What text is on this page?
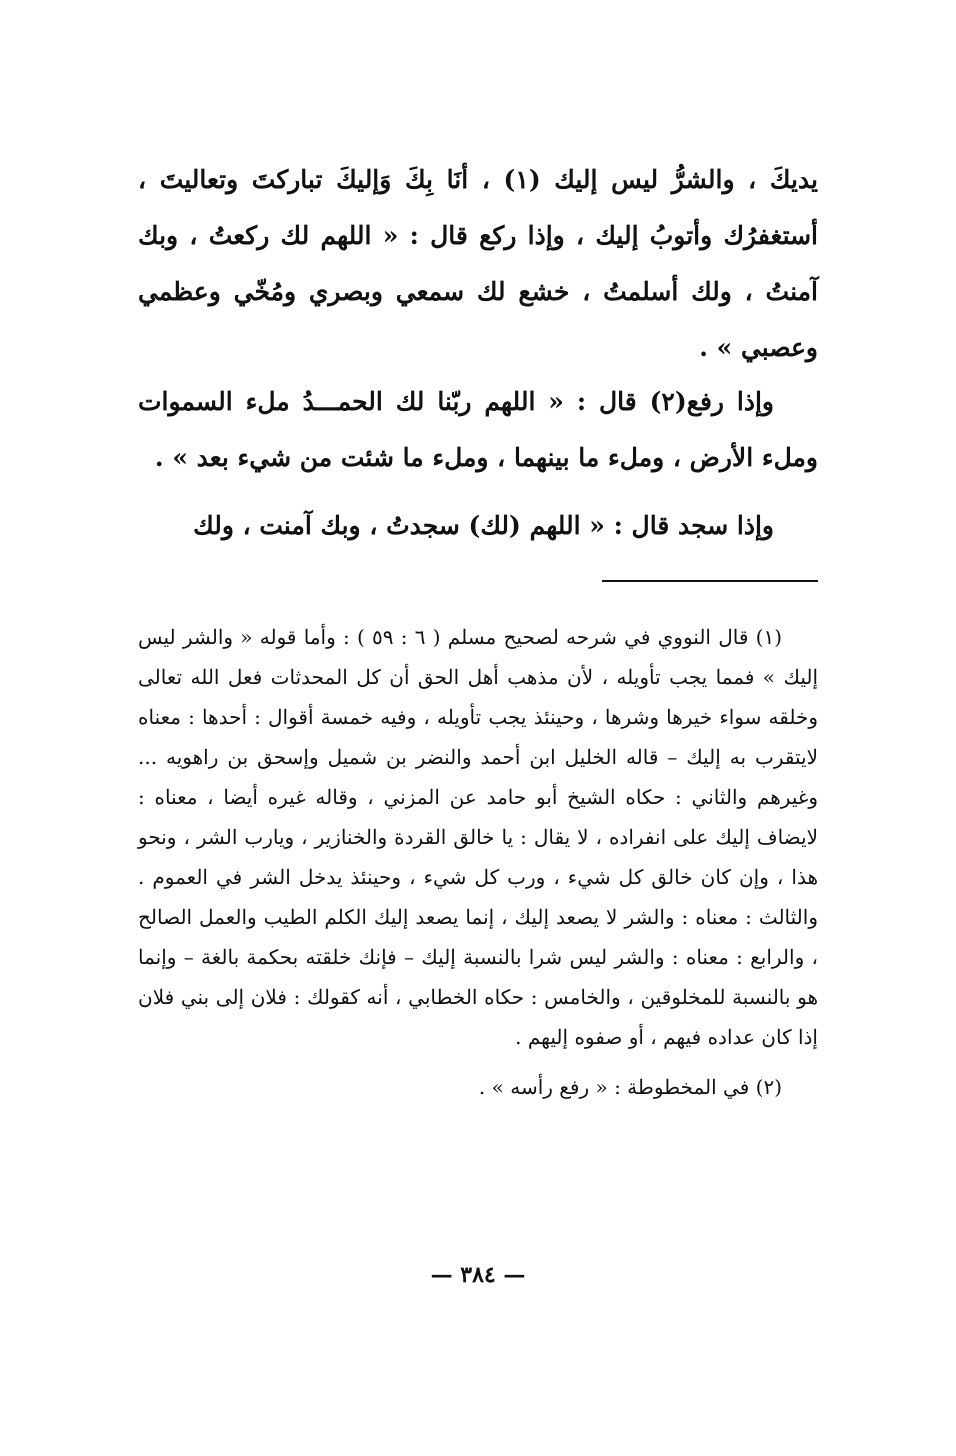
يديكَ ، والشرُّ ليس إليك (١) ، أنَا بِكَ وَإليكَ تباركتَ وتعاليتَ ، أستغفرُك وأتوبُ إليك ، وإذا ركع قال : « اللهم لك ركعتُ ، وبك آمنتُ ، ولك أسلمتُ ، خشع لك سمعي وبصري ومُخّي وعظمي وعصبي » .

وإذا رفع(٢) قال : « اللهم ربّنا لك الحمـــدُ ملء السموات وملء الأرض ، وملء ما بينهما ، وملء ما شئت من شيء بعد » .

وإذا سجد قال : « اللهم (لك) سجدتُ ، وبك آمنت ، ولك

(١) قال النووي في شرحه لصحيح مسلم ( ٦ : ٥٩ ) : وأما قوله « والشر ليس إليك » فمما يجب تأويله ، لأن مذهب أهل الحق أن كل المحدثات فعل الله تعالى وخلقه سواء خيرها وشرها ، وحينئذ يجب تأويله ، وفيه خمسة أقوال : أحدها : معناه لايتقرب به إليك – قاله الخليل ابن أحمد والنضر بن شميل وإسحق بن راهويه ... وغيرهم والثاني : حكاه الشيخ أبو حامد عن المزني ، وقاله غيره أيضا ، معناه : لايضاف إليك على انفراده ، لا يقال : يا خالق القردة والخنازير ، ويارب الشر ، ونحو هذا ، وإن كان خالق كل شيء ، ورب كل شيء ، وحينئذ يدخل الشر في العموم . والثالث : معناه : والشر لا يصعد إليك ، إنما يصعد إليك الكلم الطيب والعمل الصالح ، والرابع : معناه : والشر ليس شرا بالنسبة إليك – فإنك خلقته بحكمة بالغة – وإنما هو بالنسبة للمخلوقين ، والخامس : حكاه الخطابي ، أنه كقولك : فلان إلى بني فلان إذا كان عداده فيهم ، أو صفوه إليهم .

(٢) في المخطوطة : « رفع رأسه » .

— ٣٨٤ —
